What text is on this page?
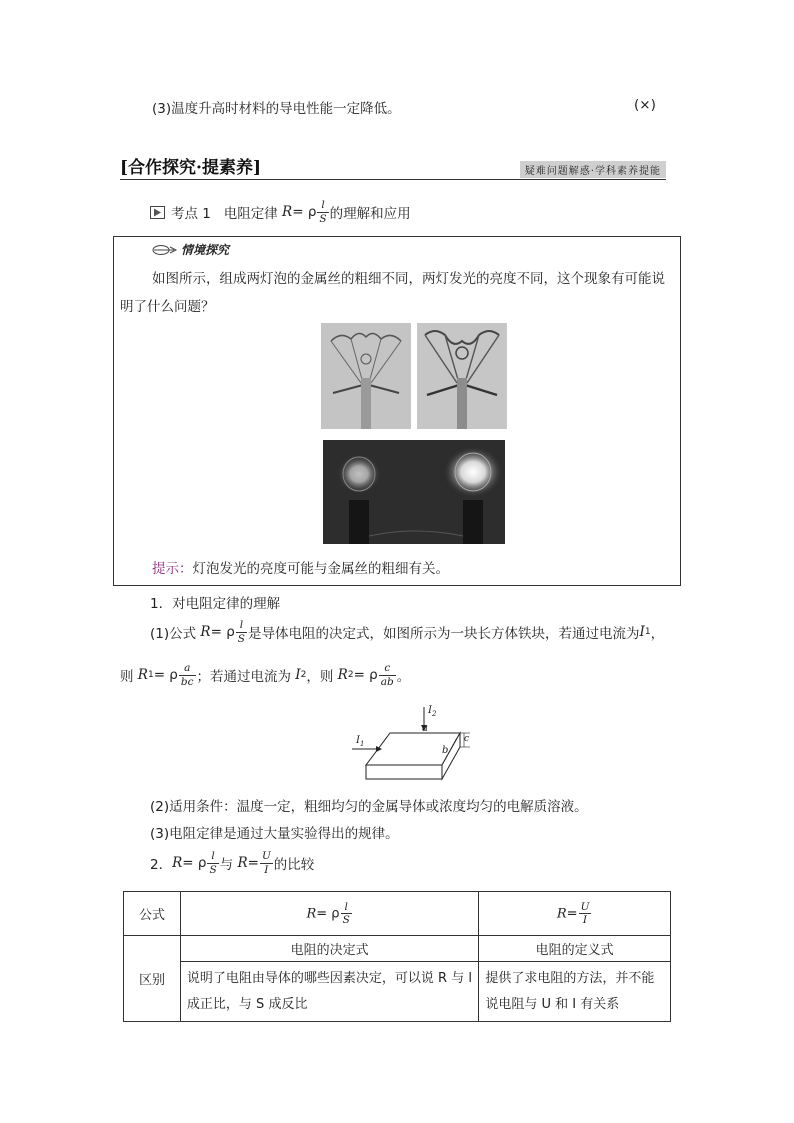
(3)温度升高时材料的导电性能一定降低。	(×)
[合作探究·提素养]	疑难问题解惑·学科素养提能
考点 1   电阻定律 R = ρ $\frac{l}{S}$ 的理解和应用
情境探究
如图所示，组成两灯泡的金属丝的粗细不同，两灯发光的亮度不同，这个现象有可能说明了什么问题？
提示：灯泡发光的亮度可能与金属丝的粗细有关。
1．对电阻定律的理解
(1)公式 R = ρ $\frac{l}{S}$ 是导体电阻的决定式，如图所示为一块长方体铁块，若通过电流为 I 1 ，
则 R 1 = ρ $\frac{a}{bc}$ ；若通过电流为 I 2 ，则 R 2 = ρ $\frac{c}{ab}$ 。
$I_2$
$I_1$
a
b
c
(2)适用条件：温度一定，粗细均匀的金属导体或浓度均匀的电解质溶液。
(3)电阻定律是通过大量实验得出的规律。
2． R = ρ $\frac{l}{S}$ 与 $R = \frac{U}{I}$ 的比较
公式	R= ρ $\frac{l}{S}$	$R= \frac{U}{I}$

区别	电阻的决定式	电阻的定义式
	说明了电阻由导体的哪些因素决定，可以说 R 与 l 成正比，与 S 成反比	提供了求电阻的方法，并不能说电阻与 U 和 I 有关系
